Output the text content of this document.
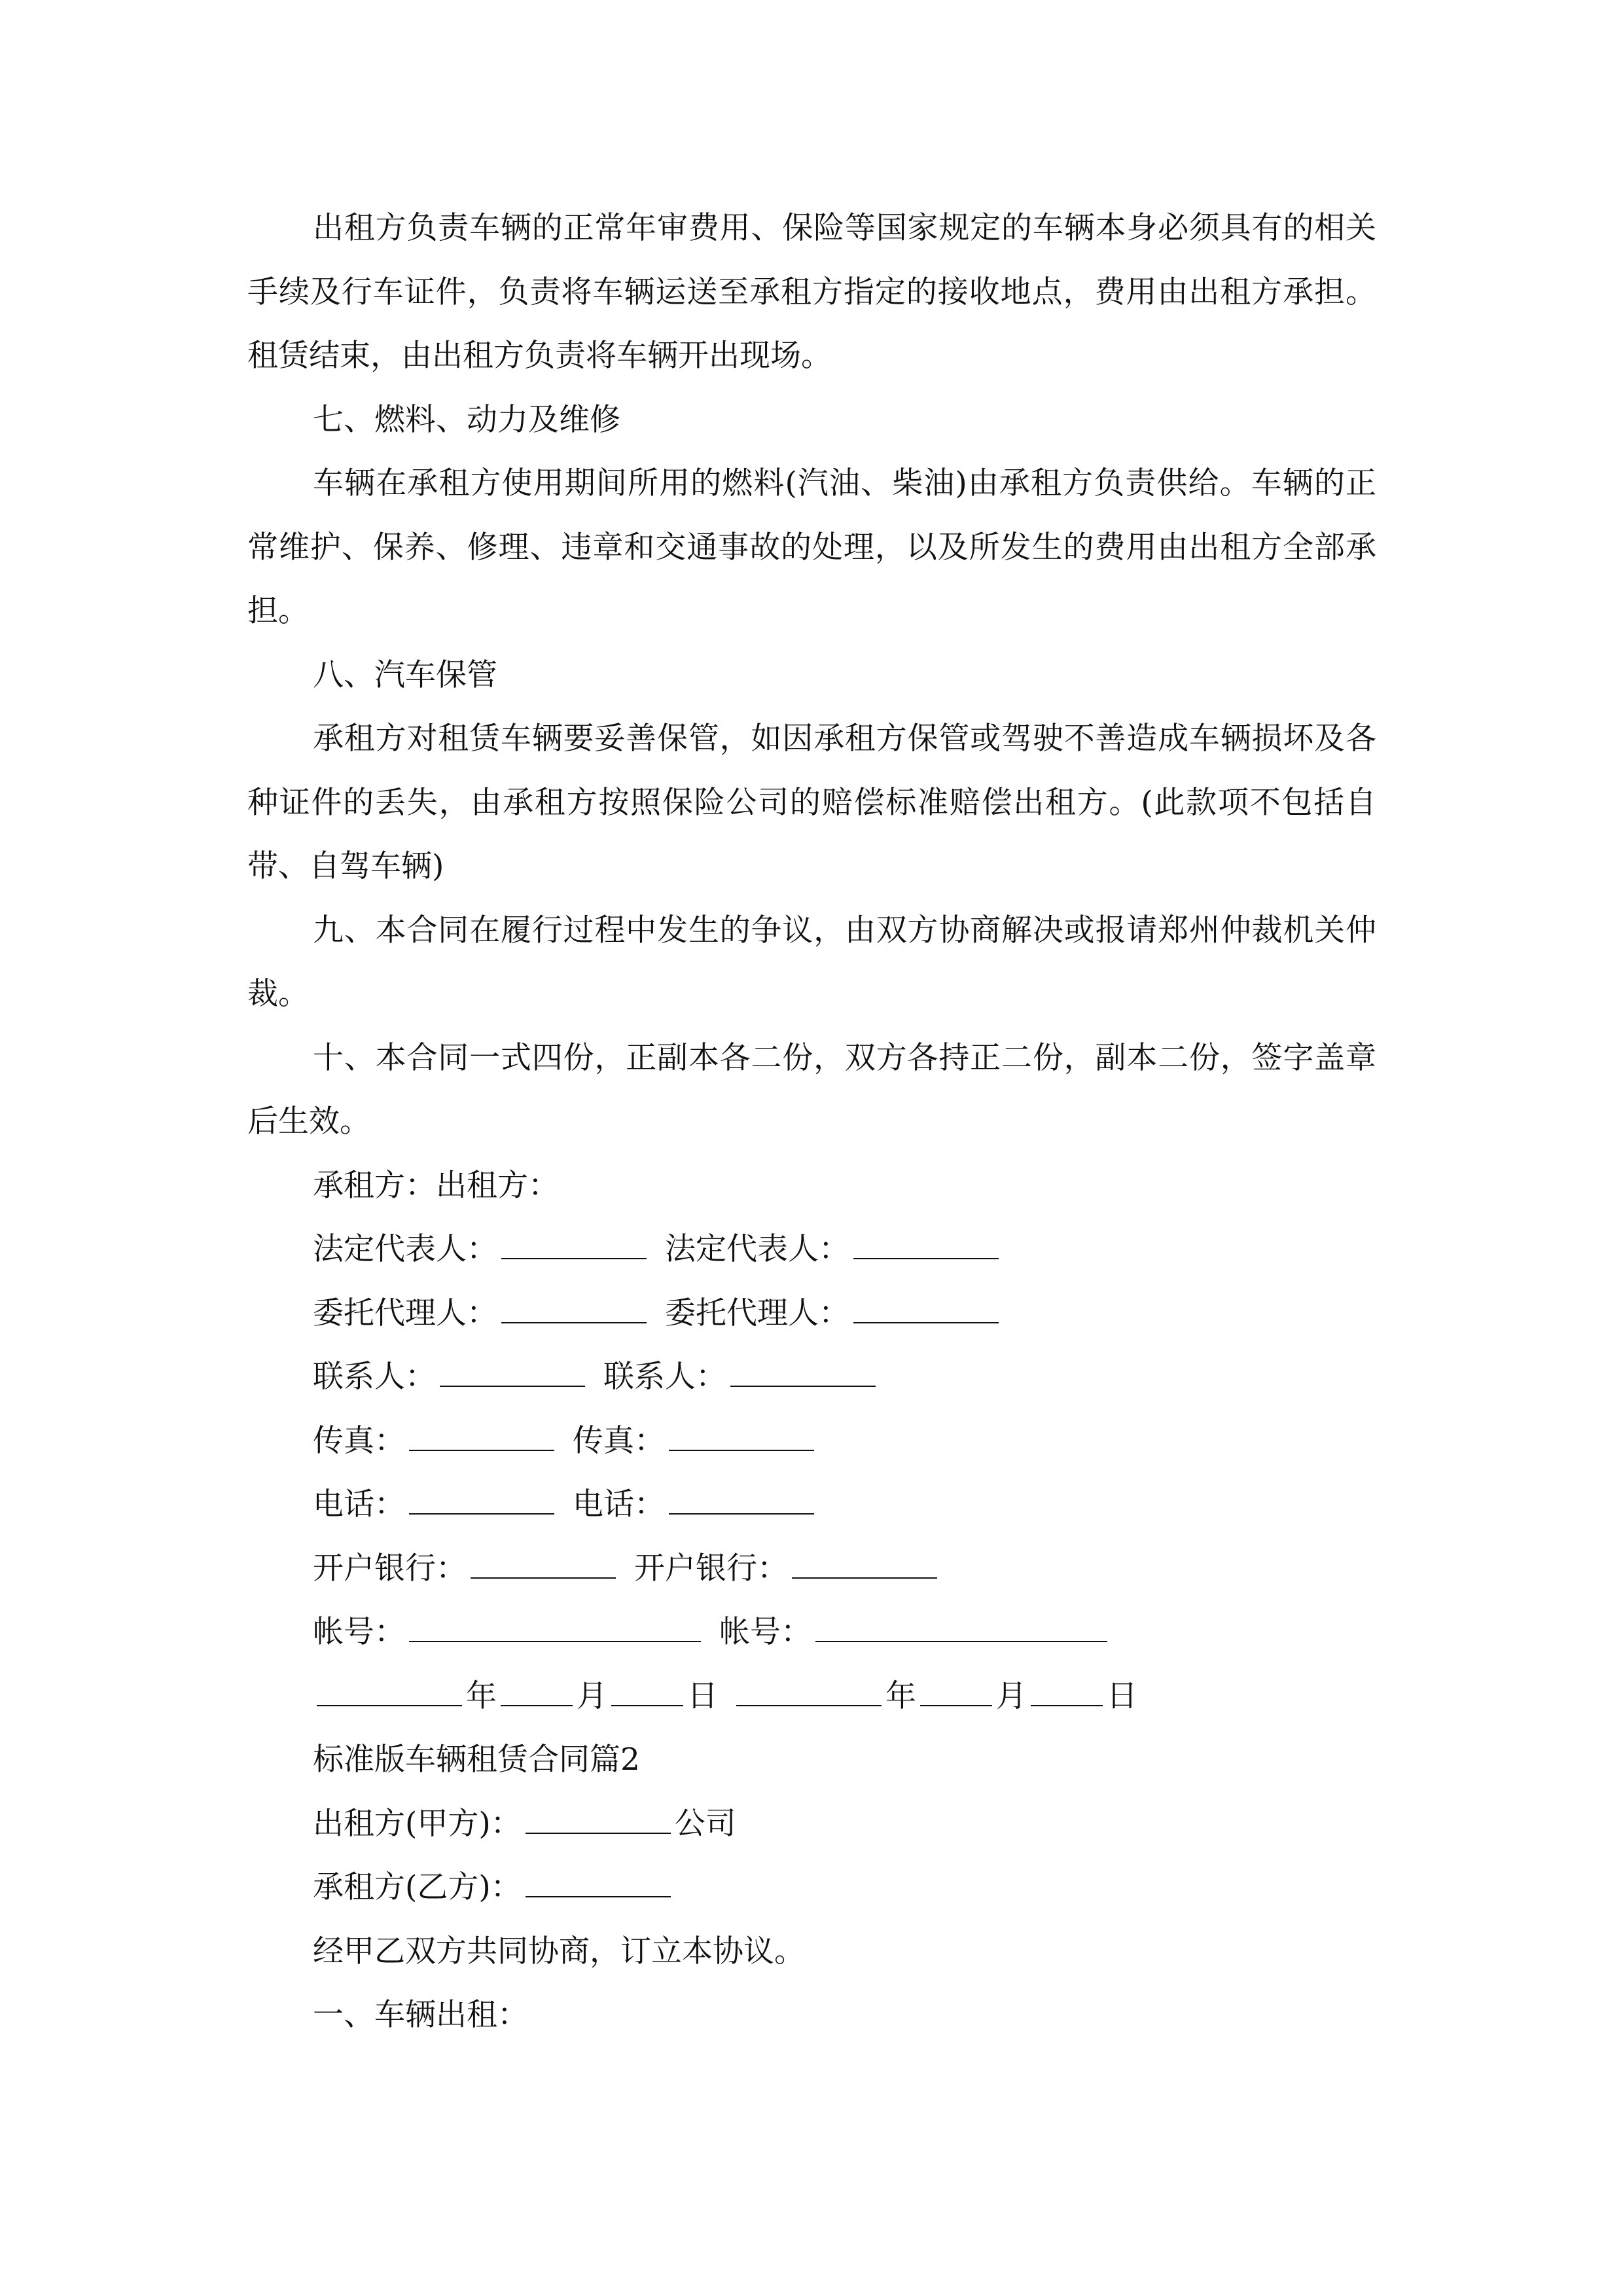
出租方负责车辆的正常年审费用、保险等国家规定的车辆本身必须具有的相关手续及行车证件，负责将车辆运送至承租方指定的接收地点，费用由出租方承担。租赁结束，由出租方负责将车辆开出现场。

七、燃料、动力及维修

车辆在承租方使用期间所用的燃料(汽油、柴油)由承租方负责供给。车辆的正常维护、保养、修理、违章和交通事故的处理，以及所发生的费用由出租方全部承担。

八、汽车保管

承租方对租赁车辆要妥善保管，如因承租方保管或驾驶不善造成车辆损坏及各种证件的丢失，由承租方按照保险公司的赔偿标准赔偿出租方。(此款项不包括自带、自驾车辆)

九、本合同在履行过程中发生的争议，由双方协商解决或报请郑州仲裁机关仲裁。

十、本合同一式四份，正副本各二份，双方各持正二份，副本二份，签字盖章后生效。

承租方：出租方：

法定代表人：	法定代表人：

委托代理人：	委托代理人：

联系人：	联系人：

传真：	传真：

电话：	电话：

开户银行：	开户银行：

帐号：	帐号：

年	月	日	年	月	日

标准版车辆租赁合同篇2

出租方(甲方)：	公司

承租方(乙方)：

经甲乙双方共同协商，订立本协议。

一、车辆出租：
